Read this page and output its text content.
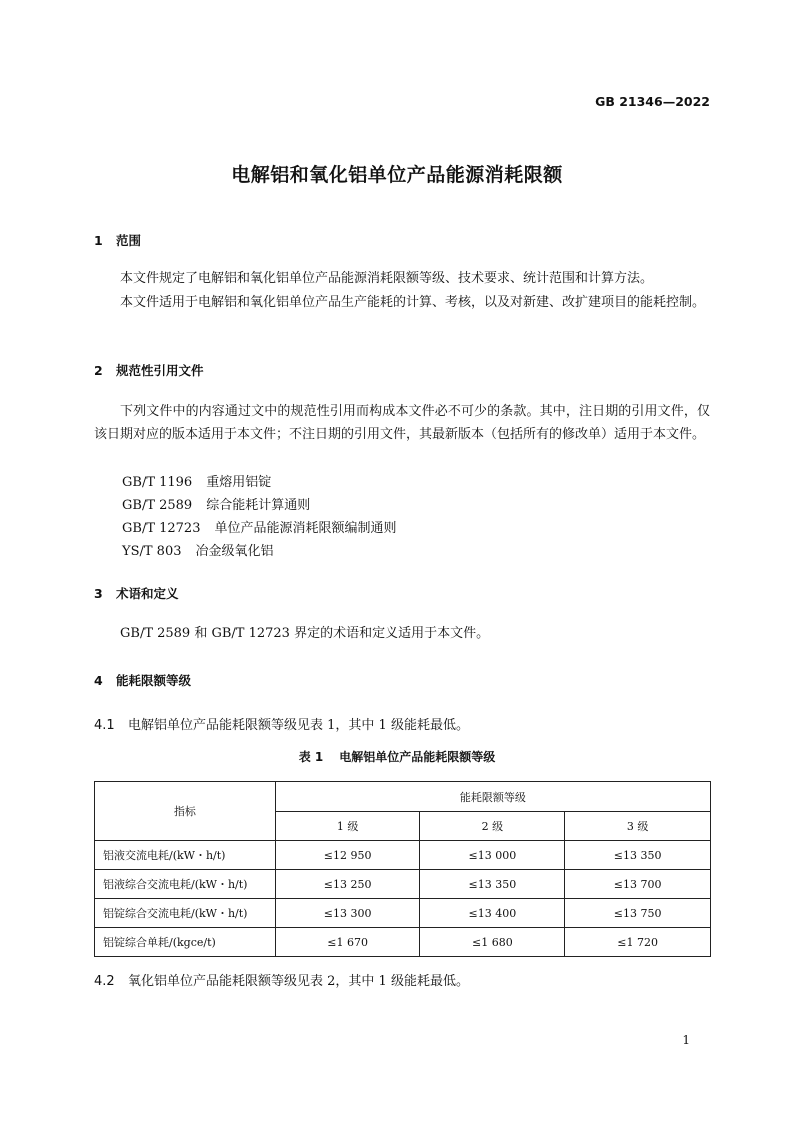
GB 21346—2022
电解铝和氧化铝单位产品能源消耗限额
1 范围
本文件规定了电解铝和氧化铝单位产品能源消耗限额等级、技术要求、统计范围和计算方法。
本文件适用于电解铝和氧化铝单位产品生产能耗的计算、考核，以及对新建、改扩建项目的能耗控制。
2 规范性引用文件
下列文件中的内容通过文中的规范性引用而构成本文件必不可少的条款。其中，注日期的引用文件，仅该日期对应的版本适用于本文件；不注日期的引用文件，其最新版本（包括所有的修改单）适用于本文件。
GB/T 1196 重熔用铝锭
GB/T 2589 综合能耗计算通则
GB/T 12723 单位产品能源消耗限额编制通则
YS/T 803 冶金级氧化铝
3 术语和定义
GB/T 2589 和 GB/T 12723 界定的术语和定义适用于本文件。
4 能耗限额等级
4.1 电解铝单位产品能耗限额等级见表 1，其中 1 级能耗最低。
表 1 电解铝单位产品能耗限额等级
指标	能耗限额等级		
	1 级	2 级	3 级
铝液交流电耗/(kW・h/t)	≤12 950	≤13 000	≤13 350
铝液综合交流电耗/(kW・h/t)	≤13 250	≤13 350	≤13 700
铝锭综合交流电耗/(kW・h/t)	≤13 300	≤13 400	≤13 750
铝锭综合单耗/(kgce/t)	≤1 670	≤1 680	≤1 720
4.2 氧化铝单位产品能耗限额等级见表 2，其中 1 级能耗最低。
1
